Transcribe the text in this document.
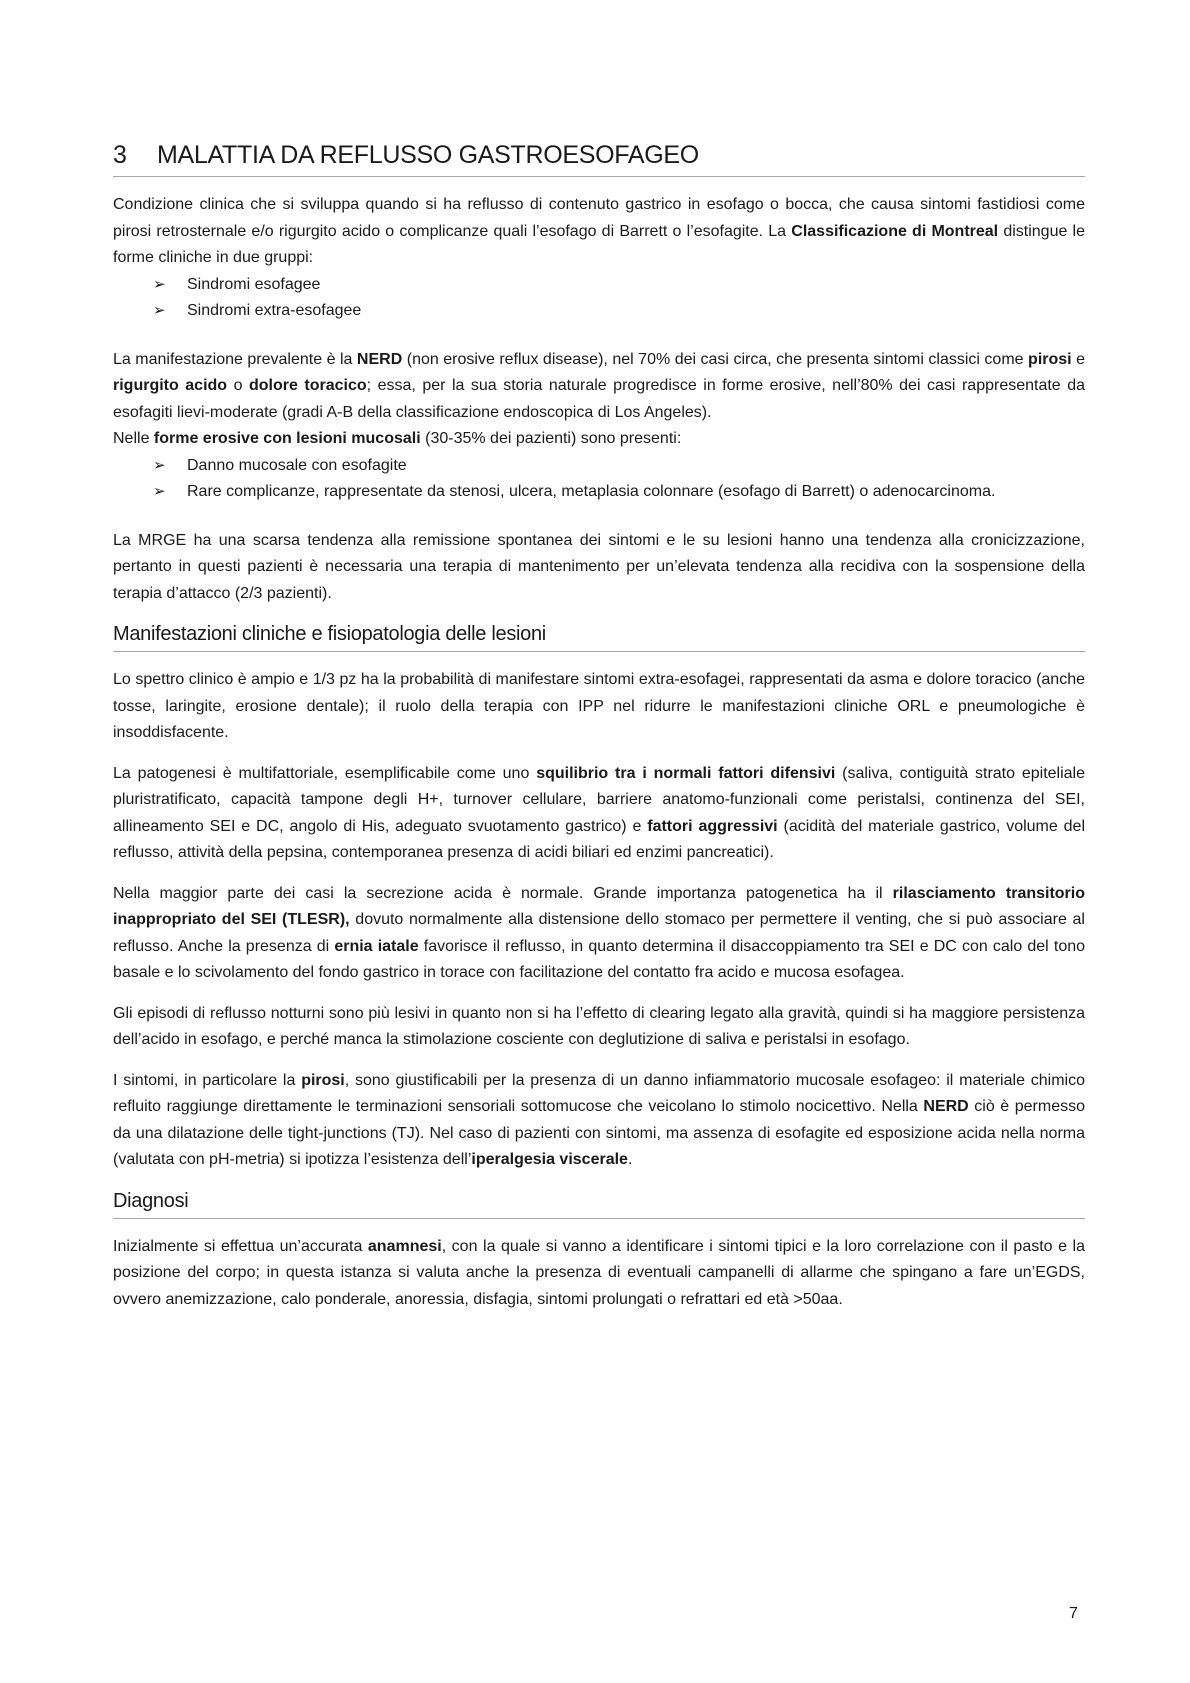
3 MALATTIA DA REFLUSSO GASTROESOFAGEO

Condizione clinica che si sviluppa quando si ha reflusso di contenuto gastrico in esofago o bocca, che causa sintomi fastidiosi come pirosi retrosternale e/o rigurgito acido o complicanze quali l’esofago di Barrett o l’esofagite. La Classificazione di Montreal distingue le forme cliniche in due gruppi:

➢ Sindromi esofagee
➢ Sindromi extra-esofagee

La manifestazione prevalente è la NERD (non erosive reflux disease), nel 70% dei casi circa, che presenta sintomi classici come pirosi e rigurgito acido o dolore toracico; essa, per la sua storia naturale progredisce in forme erosive, nell’80% dei casi rappresentate da esofagiti lievi-moderate (gradi A-B della classificazione endoscopica di Los Angeles).

Nelle forme erosive con lesioni mucosali (30-35% dei pazienti) sono presenti:

➢ Danno mucosale con esofagite
➢ Rare complicanze, rappresentate da stenosi, ulcera, metaplasia colonnare (esofago di Barrett) o adenocarcinoma.

La MRGE ha una scarsa tendenza alla remissione spontanea dei sintomi e le su lesioni hanno una tendenza alla cronicizzazione, pertanto in questi pazienti è necessaria una terapia di mantenimento per un’elevata tendenza alla recidiva con la sospensione della terapia d’attacco (2/3 pazienti).

Manifestazioni cliniche e fisiopatologia delle lesioni

Lo spettro clinico è ampio e 1/3 pz ha la probabilità di manifestare sintomi extra-esofagei, rappresentati da asma e dolore toracico (anche tosse, laringite, erosione dentale); il ruolo della terapia con IPP nel ridurre le manifestazioni cliniche ORL e pneumologiche è insoddisfacente.

La patogenesi è multifattoriale, esemplificabile come uno squilibrio tra i normali fattori difensivi (saliva, contiguità strato epiteliale pluristratificato, capacità tampone degli H+, turnover cellulare, barriere anatomo-funzionali come peristalsi, continenza del SEI, allineamento SEI e DC, angolo di His, adeguato svuotamento gastrico) e fattori aggressivi (acidità del materiale gastrico, volume del reflusso, attività della pepsina, contemporanea presenza di acidi biliari ed enzimi pancreatici).

Nella maggior parte dei casi la secrezione acida è normale. Grande importanza patogenetica ha il rilasciamento transitorio inappropriato del SEI (TLESR), dovuto normalmente alla distensione dello stomaco per permettere il venting, che si può associare al reflusso. Anche la presenza di ernia iatale favorisce il reflusso, in quanto determina il disaccoppiamento tra SEI e DC con calo del tono basale e lo scivolamento del fondo gastrico in torace con facilitazione del contatto fra acido e mucosa esofagea.

Gli episodi di reflusso notturni sono più lesivi in quanto non si ha l’effetto di clearing legato alla gravità, quindi si ha maggiore persistenza dell’acido in esofago, e perché manca la stimolazione cosciente con deglutizione di saliva e peristalsi in esofago.

I sintomi, in particolare la pirosi, sono giustificabili per la presenza di un danno infiammatorio mucosale esofageo: il materiale chimico refluito raggiunge direttamente le terminazioni sensoriali sottomucose che veicolano lo stimolo nocicettivo. Nella NERD ciò è permesso da una dilatazione delle tight-junctions (TJ). Nel caso di pazienti con sintomi, ma assenza di esofagite ed esposizione acida nella norma (valutata con pH-metria) si ipotizza l’esistenza dell’iperalgesia viscerale.

Diagnosi

Inizialmente si effettua un’accurata anamnesi, con la quale si vanno a identificare i sintomi tipici e la loro correlazione con il pasto e la posizione del corpo; in questa istanza si valuta anche la presenza di eventuali campanelli di allarme che spingano a fare un’EGDS, ovvero anemizzazione, calo ponderale, anoressia, disfagia, sintomi prolungati o refrattari ed età >50aa.

7
